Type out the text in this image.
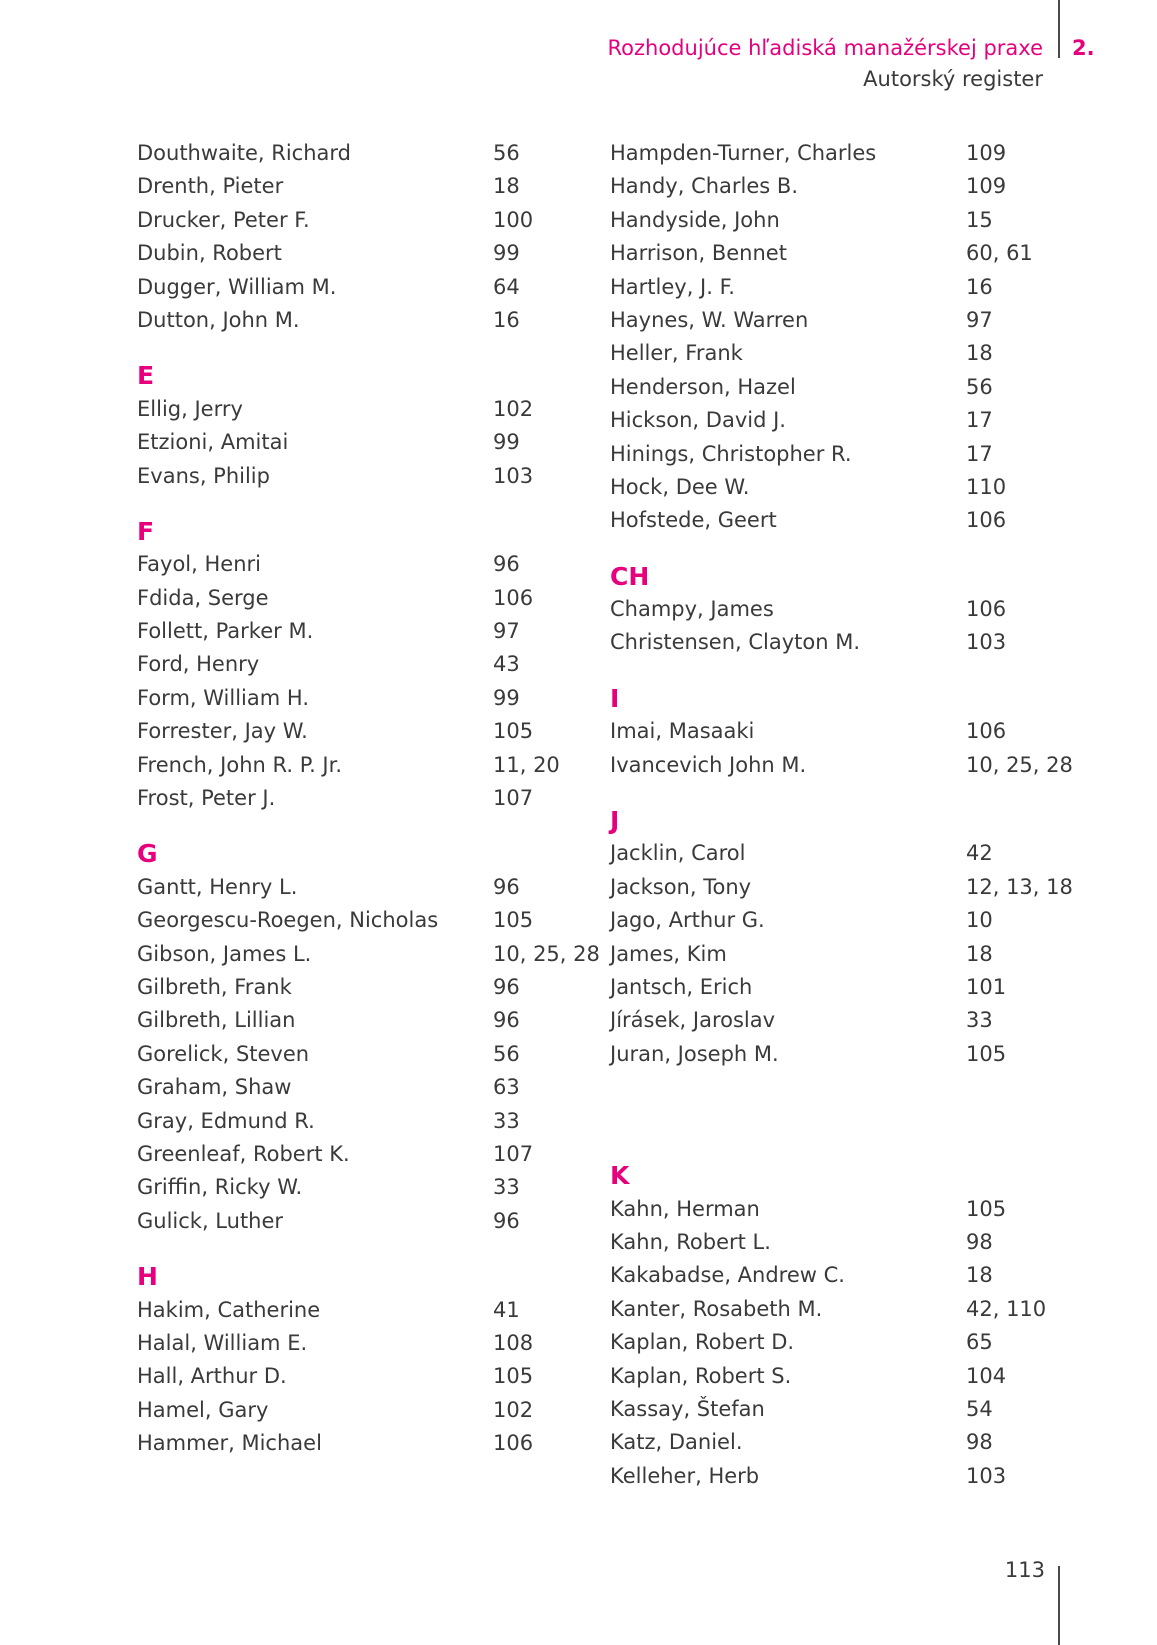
Rozhodujúce hľadiská manažérskej praxe 2.
Autorský register
Douthwaite, Richard	56
Drenth, Pieter	18
Drucker, Peter F.	100
Dubin, Robert	99
Dugger, William M.	64
Dutton, John M.	16
E
Ellig, Jerry	102
Etzioni, Amitai	99
Evans, Philip	103
F
Fayol, Henri	96
Fdida, Serge	106
Follett, Parker M.	97
Ford, Henry	43
Form, William H.	99
Forrester, Jay W.	105
French, John R. P. Jr.	11, 20
Frost, Peter J.	107
G
Gantt, Henry L.	96
Georgescu-Roegen, Nicholas	105
Gibson, James L.	10, 25, 28
Gilbreth, Frank	96
Gilbreth, Lillian	96
Gorelick, Steven	56
Graham, Shaw	63
Gray, Edmund R.	33
Greenleaf, Robert K.	107
Griffin, Ricky W.	33
Gulick, Luther	96
H
Hakim, Catherine	41
Halal, William E.	108
Hall, Arthur D.	105
Hamel, Gary	102
Hammer, Michael	106
Hampden-Turner, Charles	109
Handy, Charles B.	109
Handyside, John	15
Harrison, Bennet	60, 61
Hartley, J. F.	16
Haynes, W. Warren	97
Heller, Frank	18
Henderson, Hazel	56
Hickson, David J.	17
Hinings, Christopher R.	17
Hock, Dee W.	110
Hofstede, Geert	106
CH
Champy, James	106
Christensen, Clayton M.	103
I
Imai, Masaaki	106
Ivancevich John M.	10, 25, 28
J
Jacklin, Carol	42
Jackson, Tony	12, 13, 18
Jago, Arthur G.	10
James, Kim	18
Jantsch, Erich	101
Jírásek, Jaroslav	33
Juran, Joseph M.	105
K
Kahn, Herman	105
Kahn, Robert L.	98
Kakabadse, Andrew C.	18
Kanter, Rosabeth M.	42, 110
Kaplan, Robert D.	65
Kaplan, Robert S.	104
Kassay, Štefan	54
Katz, Daniel.	98
Kelleher, Herb	103
113
